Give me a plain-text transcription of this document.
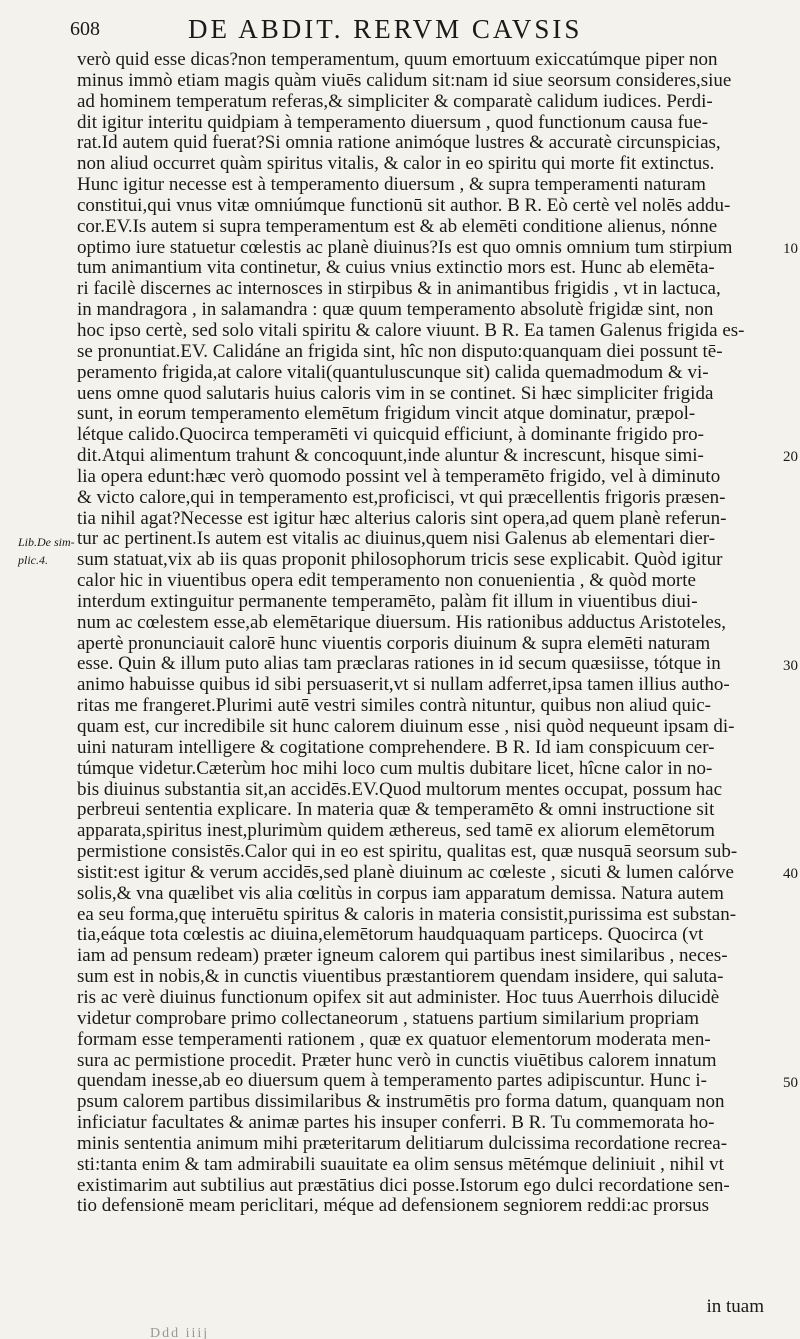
608	DE ABDIT. RERVM CAVSIS
verò quid esse dicas?non temperamentum, quum emortuum exiccatúmque piper non
minus immò etiam magis quàm viuēs calidum sit:nam id siue seorsum consideres,siue
ad hominem temperatum referas,& simpliciter & comparatè calidum iudices. Perdi-
dit igitur interitu quidpiam à temperamento diuersum , quod functionum causa fue-
rat.Id autem quid fuerat?Si omnia ratione animóque lustres & accuratè circunspicias,
non aliud occurret quàm spiritus vitalis, & calor in eo spiritu qui morte fit extinctus.
Hunc igitur necesse est à temperamento diuersum , & supra temperamenti naturam
constitui,qui vnus vitæ omniúmque functionū sit author. B R. Eò certè vel nolēs addu-
cor.EV.Is autem si supra temperamentum est & ab elemēti conditione alienus, nónne
optimo iure statuetur cœlestis ac planè diuinus?Is est quo omnis omnium tum stirpium
tum animantium vita continetur, & cuius vnius extinctio mors est. Hunc ab elemēta-
ri facilè discernes ac internosces in stirpibus & in animantibus frigidis , vt in lactuca,
in mandragora , in salamandra : quæ quum temperamento absolutè frigidæ sint, non
hoc ipso certè, sed solo vitali spiritu & calore viuunt. B R. Ea tamen Galenus frigida es-
se pronuntiat.EV. Calidáne an frigida sint, hîc non disputo:quanquam diei possunt tē-
peramento frigida,at calore vitali(quantuluscunque sit) calida quemadmodum & vi-
uens omne quod salutaris huius caloris vim in se continet. Si hæc simpliciter frigida
sunt, in eorum temperamento elemētum frigidum vincit atque dominatur, præpol-
létque calido.Quocirca temperamēti vi quicquid efficiunt, à dominante frigido pro-
dit.Atqui alimentum trahunt & concoquunt,inde aluntur & increscunt, hisque simi-
lia opera edunt:hæc verò quomodo possint vel à temperamēto frigido, vel à diminuto
& victo calore,qui in temperamento est,proficisci, vt qui præcellentis frigoris præsen-
tia nihil agat?Necesse est igitur hæc alterius caloris sint opera,ad quem planè referun-
tur ac pertinent.Is autem est vitalis ac diuinus,quem nisi Galenus ab elementari dier-
sum statuat,vix ab iis quas proponit philosophorum tricis sese explicabit. Quòd igitur
calor hic in viuentibus opera edit temperamento non conuenientia , & quòd morte
interdum extinguitur permanente temperamēto, palàm fit illum in viuentibus diui-
num ac cœlestem esse,ab elemētarique diuersum. His rationibus adductus Aristoteles,
apertè pronunciauit calorē hunc viuentis corporis diuinum & supra elemēti naturam
esse. Quin & illum puto alias tam præclaras rationes in id secum quæsiisse, tótque in
animo habuisse quibus id sibi persuaserit,vt si nullam adferret,ipsa tamen illius autho-
ritas me frangeret.Plurimi autē vestri similes contrà nituntur, quibus non aliud quic-
quam est, cur incredibile sit hunc calorem diuinum esse , nisi quòd nequeunt ipsam di-
uini naturam intelligere & cogitatione comprehendere. B R. Id iam conspicuum cer-
túmque videtur.Cæterùm hoc mihi loco cum multis dubitare licet, hîcne calor in no-
bis diuinus substantia sit,an accidēs.EV.Quod multorum mentes occupat, possum hac
perbreui sententia explicare. In materia quæ & temperamēto & omni instructione sit
apparata,spiritus inest,plurimùm quidem æthereus, sed tamē ex aliorum elemētorum
permistione consistēs.Calor qui in eo est spiritu, qualitas est, quæ nusquā seorsum sub-
sistit:est igitur & verum accidēs,sed planè diuinum ac cœleste , sicuti & lumen calórve
solis,& vna quælibet vis alia cœlitùs in corpus iam apparatum demissa. Natura autem
ea seu forma,quę interuētu spiritus & caloris in materia consistit,purissima est substan-
tia,eáque tota cœlestis ac diuina,elemētorum haudquaquam particeps. Quocirca (vt
iam ad pensum redeam) præter igneum calorem qui partibus inest similaribus , neces-
sum est in nobis,& in cunctis viuentibus præstantiorem quendam insidere, qui saluta-
ris ac verè diuinus functionum opifex sit aut administer. Hoc tuus Auerrhois dilucidè
videtur comprobare primo collectaneorum , statuens partium similarium propriam
formam esse temperamenti rationem , quæ ex quatuor elementorum moderata men-
sura ac permistione procedit. Præter hunc verò in cunctis viuētibus calorem innatum
quendam inesse,ab eo diuersum quem à temperamento partes adipiscuntur. Hunc i-
psum calorem partibus dissimilaribus & instrumētis pro forma datum, quanquam non
inficiatur facultates & animæ partes his insuper conferri. B R. Tu commemorata ho-
minis sententia animum mihi præteritarum delitiarum dulcissima recordatione recrea-
sti:tanta enim & tam admirabili suauitate ea olim sensus mētémque deliniuit , nihil vt
existimarim aut subtilius aut præstātius dici posse.Istorum ego dulci recordatione sen-
tio defensionē meam periclitari, méque ad defensionem segniorem reddi:ac prorsus
in tuam
Ddd iiij
10
20
30
40
50
Lib.De sim-
plic.4.
